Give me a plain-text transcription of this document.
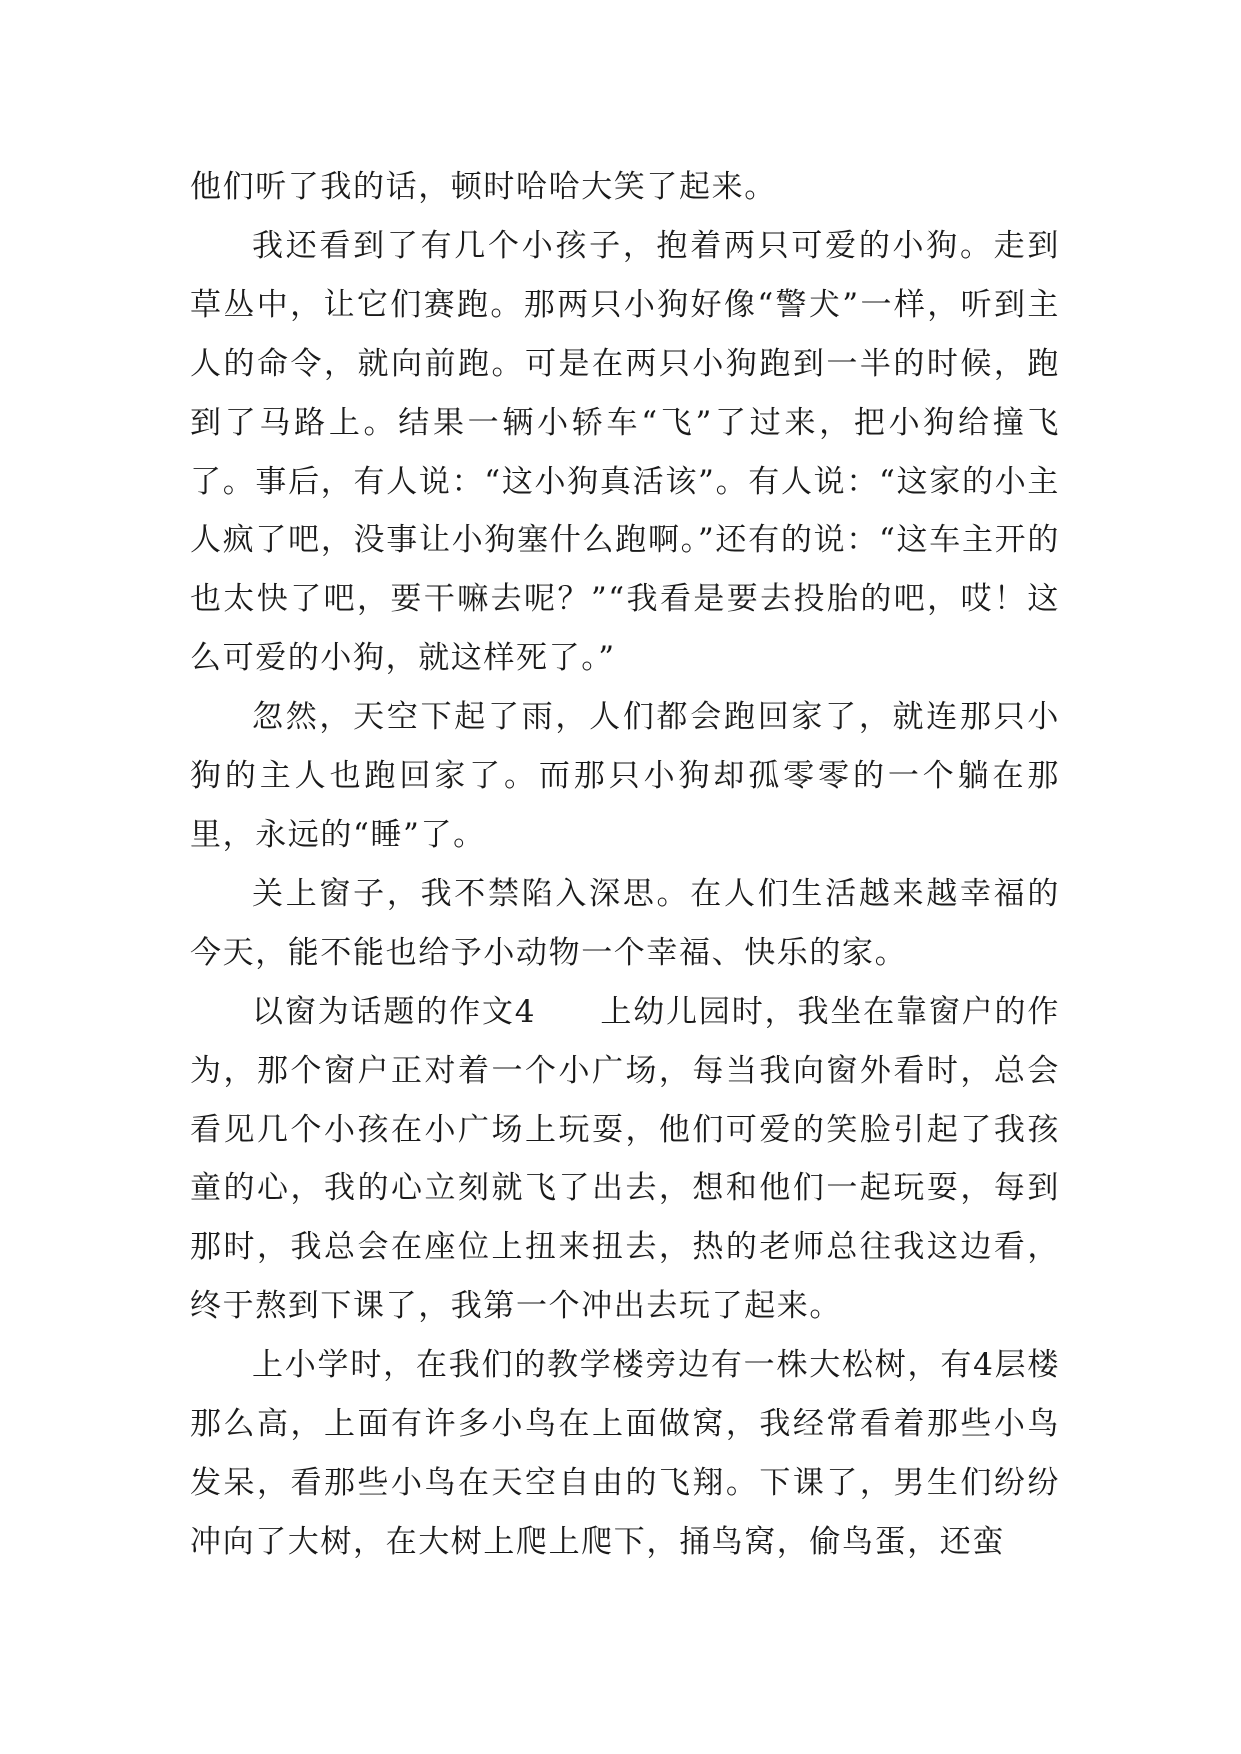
他们听了我的话，顿时哈哈大笑了起来。

我还看到了有几个小孩子，抱着两只可爱的小狗。走到草丛中，让它们赛跑。那两只小狗好像“警犬”一样，听到主人的命令，就向前跑。可是在两只小狗跑到一半的时候，跑到了马路上。结果一辆小轿车“飞”了过来，把小狗给撞飞了。事后，有人说：“这小狗真活该”。有人说：“这家的小主人疯了吧，没事让小狗塞什么跑啊。”还有的说：“这车主开的也太快了吧，要干嘛去呢？”“我看是要去投胎的吧，哎！这么可爱的小狗，就这样死了。”

忽然，天空下起了雨，人们都会跑回家了，就连那只小狗的主人也跑回家了。而那只小狗却孤零零的一个躺在那里，永远的“睡”了。

关上窗子，我不禁陷入深思。在人们生活越来越幸福的今天，能不能也给予小动物一个幸福、快乐的家。

以窗为话题的作文4 上幼儿园时，我坐在靠窗户的作为，那个窗户正对着一个小广场，每当我向窗外看时，总会看见几个小孩在小广场上玩耍，他们可爱的笑脸引起了我孩童的心，我的心立刻就飞了出去，想和他们一起玩耍，每到那时，我总会在座位上扭来扭去，热的老师总往我这边看，终于熬到下课了，我第一个冲出去玩了起来。

上小学时，在我们的教学楼旁边有一株大松树，有4层楼那么高，上面有许多小鸟在上面做窝，我经常看着那些小鸟发呆，看那些小鸟在天空自由的飞翔。下课了，男生们纷纷冲向了大树，在大树上爬上爬下，捅鸟窝，偷鸟蛋，还蛮
